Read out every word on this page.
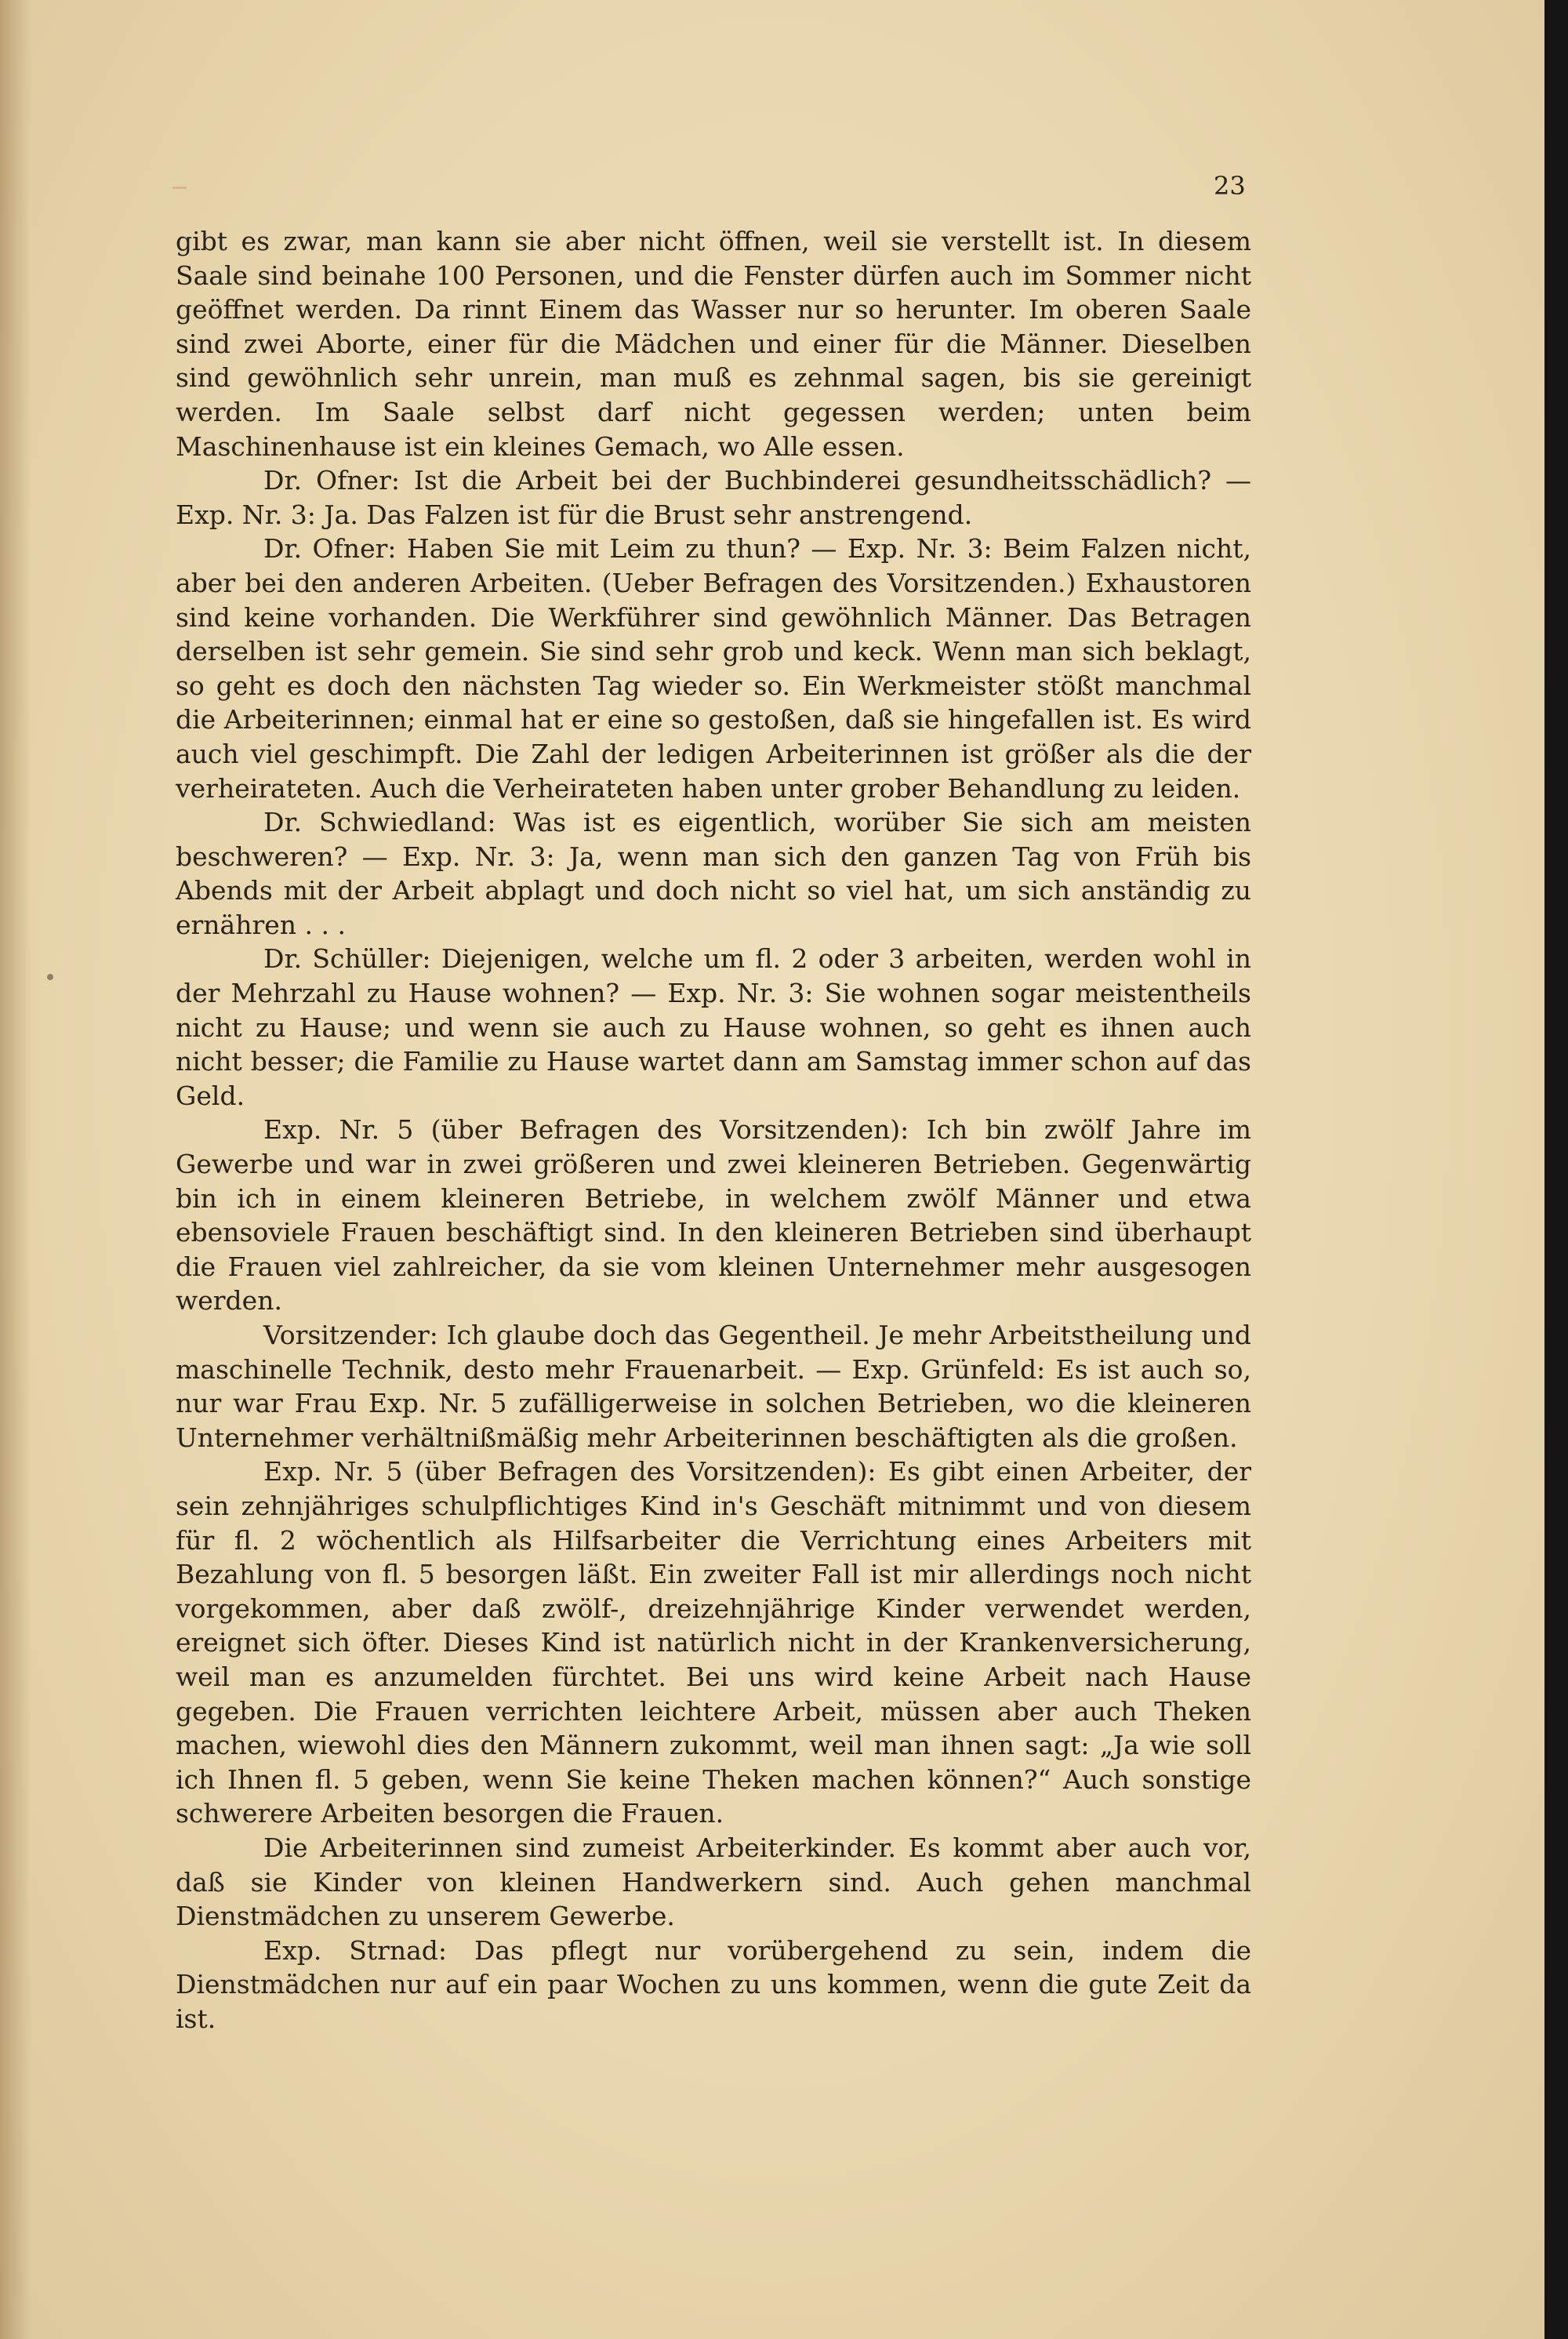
23

gibt es zwar, man kann sie aber nicht öffnen, weil sie verstellt ist. In diesem Saale sind beinahe 100 Personen, und die Fenster dürfen auch im Sommer nicht geöffnet werden. Da rinnt Einem das Wasser nur so herunter. Im oberen Saale sind zwei Aborte, einer für die Mädchen und einer für die Männer. Dieselben sind gewöhnlich sehr unrein, man muß es zehnmal sagen, bis sie gereinigt werden. Im Saale selbst darf nicht gegessen werden; unten beim Maschinenhause ist ein kleines Gemach, wo Alle essen.

Dr. Ofner: Ist die Arbeit bei der Buchbinderei gesundheitsschädlich? — Exp. Nr. 3: Ja. Das Falzen ist für die Brust sehr anstrengend.

Dr. Ofner: Haben Sie mit Leim zu thun? — Exp. Nr. 3: Beim Falzen nicht, aber bei den anderen Arbeiten. (Ueber Befragen des Vorsitzenden.) Exhaustoren sind keine vorhanden. Die Werkführer sind gewöhnlich Männer. Das Betragen derselben ist sehr gemein. Sie sind sehr grob und keck. Wenn man sich beklagt, so geht es doch den nächsten Tag wieder so. Ein Werkmeister stößt manchmal die Arbeiterinnen; einmal hat er eine so gestoßen, daß sie hingefallen ist. Es wird auch viel geschimpft. Die Zahl der ledigen Arbeiterinnen ist größer als die der verheirateten. Auch die Verheirateten haben unter grober Behandlung zu leiden.

Dr. Schwiedland: Was ist es eigentlich, worüber Sie sich am meisten beschweren? — Exp. Nr. 3: Ja, wenn man sich den ganzen Tag von Früh bis Abends mit der Arbeit abplagt und doch nicht so viel hat, um sich anständig zu ernähren . . .

Dr. Schüller: Diejenigen, welche um fl. 2 oder 3 arbeiten, werden wohl in der Mehrzahl zu Hause wohnen? — Exp. Nr. 3: Sie wohnen sogar meistentheils nicht zu Hause; und wenn sie auch zu Hause wohnen, so geht es ihnen auch nicht besser; die Familie zu Hause wartet dann am Samstag immer schon auf das Geld.

Exp. Nr. 5 (über Befragen des Vorsitzenden): Ich bin zwölf Jahre im Gewerbe und war in zwei größeren und zwei kleineren Betrieben. Gegenwärtig bin ich in einem kleineren Betriebe, in welchem zwölf Männer und etwa ebensoviele Frauen beschäftigt sind. In den kleineren Betrieben sind überhaupt die Frauen viel zahlreicher, da sie vom kleinen Unternehmer mehr ausgesogen werden.

Vorsitzender: Ich glaube doch das Gegentheil. Je mehr Arbeitstheilung und maschinelle Technik, desto mehr Frauenarbeit. — Exp. Grünfeld: Es ist auch so, nur war Frau Exp. Nr. 5 zufälligerweise in solchen Betrieben, wo die kleineren Unternehmer verhältnißmäßig mehr Arbeiterinnen beschäftigten als die großen.

Exp. Nr. 5 (über Befragen des Vorsitzenden): Es gibt einen Arbeiter, der sein zehnjähriges schulpflichtiges Kind in's Geschäft mitnimmt und von diesem für fl. 2 wöchentlich als Hilfsarbeiter die Verrichtung eines Arbeiters mit Bezahlung von fl. 5 besorgen läßt. Ein zweiter Fall ist mir allerdings noch nicht vorgekommen, aber daß zwölf-, dreizehnjährige Kinder verwendet werden, ereignet sich öfter. Dieses Kind ist natürlich nicht in der Krankenversicherung, weil man es anzumelden fürchtet. Bei uns wird keine Arbeit nach Hause gegeben. Die Frauen verrichten leichtere Arbeit, müssen aber auch Theken machen, wiewohl dies den Männern zukommt, weil man ihnen sagt: „Ja wie soll ich Ihnen fl. 5 geben, wenn Sie keine Theken machen können?“ Auch sonstige schwerere Arbeiten besorgen die Frauen.

Die Arbeiterinnen sind zumeist Arbeiterkinder. Es kommt aber auch vor, daß sie Kinder von kleinen Handwerkern sind. Auch gehen manchmal Dienstmädchen zu unserem Gewerbe.

Exp. Strnad: Das pflegt nur vorübergehend zu sein, indem die Dienstmädchen nur auf ein paar Wochen zu uns kommen, wenn die gute Zeit da ist.
